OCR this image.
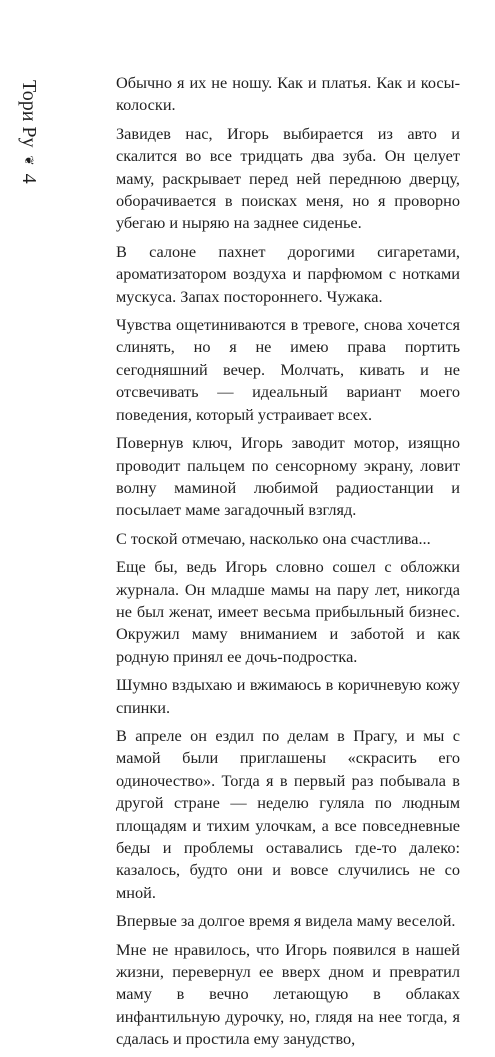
Тори Ру
❦
4

Обычно я их не ношу. Как и платья. Как и косы-колоски.

Завидев нас, Игорь выбирается из авто и скалится во все тридцать два зуба. Он целует маму, раскрывает перед ней переднюю дверцу, оборачивается в поисках меня, но я проворно убегаю и ныряю на заднее сиденье.

В салоне пахнет дорогими сигаретами, ароматизатором воздуха и парфюмом с нотками мускуса. Запах постороннего. Чужака.

Чувства ощетиниваются в тревоге, снова хочется слинять, но я не имею права портить сегодняшний вечер. Молчать, кивать и не отсвечивать — идеальный вариант моего поведения, который устраивает всех.

Повернув ключ, Игорь заводит мотор, изящно проводит пальцем по сенсорному экрану, ловит волну маминой любимой радиостанции и посылает маме загадочный взгляд.

С тоской отмечаю, насколько она счастлива...

Еще бы, ведь Игорь словно сошел с обложки журнала. Он младше мамы на пару лет, никогда не был женат, имеет весьма прибыльный бизнес. Окружил маму вниманием и заботой и как родную принял ее дочь-подростка.

Шумно вздыхаю и вжимаюсь в коричневую кожу спинки.

В апреле он ездил по делам в Прагу, и мы с мамой были приглашены «скрасить его одиночество». Тогда я в первый раз побывала в другой стране — неделю гуляла по людным площадям и тихим улочкам, а все повседневные беды и проблемы оставались где-то далеко: казалось, будто они и вовсе случились не со мной.

Впервые за долгое время я видела маму веселой.

Мне не нравилось, что Игорь появился в нашей жизни, перевернул ее вверх дном и превратил маму в вечно летающую в облаках инфантильную дурочку, но, глядя на нее тогда, я сдалась и простила ему занудство,
